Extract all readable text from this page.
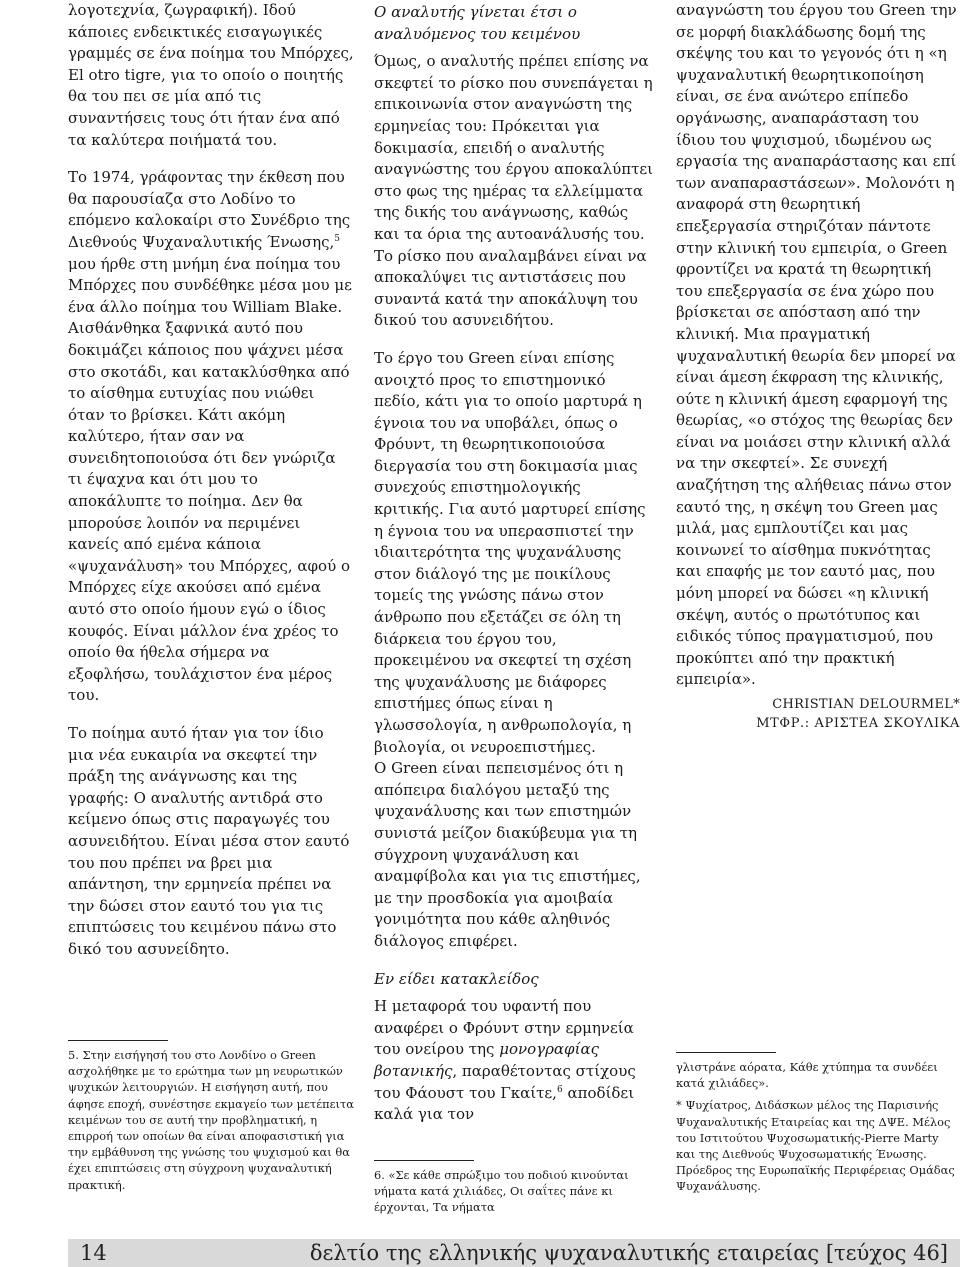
λογοτεχνία, ζωγραφική). Ιδού κάποιες ενδεικτικές εισαγωγικές γραμμές σε ένα ποίημα του Μπόρχες, El otro tigre, για το οποίο ο ποιητής θα του πει σε μία από τις συναντήσεις τους ότι ήταν ένα από τα καλύτερα ποιήματά του.

Το 1974, γράφοντας την έκθεση που θα παρουσίαζα στο Λοδίνο το επόμενο καλοκαίρι στο Συνέδριο της Διεθνούς Ψυχαναλυτικής Ένωσης,$^5$ μου ήρθε στη μνήμη ένα ποίημα του Μπόρχες που συνδέθηκε μέσα μου με ένα άλλο ποίημα του William Blake. Αισθάνθηκα ξαφνικά αυτό που δοκιμάζει κάποιος που ψάχνει μέσα στο σκοτάδι, και κατακλύσθηκα από το αίσθημα ευτυχίας που νιώθει όταν το βρίσκει. Κάτι ακόμη καλύτερο, ήταν σαν να συνειδητοποιούσα ότι δεν γνώριζα τι έψαχνα και ότι μου το αποκάλυπτε το ποίημα. Δεν θα μπορούσε λοιπόν να περιμένει κανείς από εμένα κάποια «ψυχανάλυση» του Μπόρχες, αφού ο Μπόρχες είχε ακούσει από εμένα αυτό στο οποίο ήμουν εγώ ο ίδιος κουφός. Είναι μάλλον ένα χρέος το οποίο θα ήθελα σήμερα να εξοφλήσω, τουλάχιστον ένα μέρος του.

Το ποίημα αυτό ήταν για τον ίδιο μια νέα ευκαιρία να σκεφτεί την πράξη της ανάγνωσης και της γραφής: Ο αναλυτής αντιδρά στο κείμενο όπως στις παραγωγές του ασυνειδήτου. Είναι μέσα στον εαυτό του που πρέπει να βρει μια απάντηση, την ερμηνεία πρέπει να την δώσει στον εαυτό του για τις επιπτώσεις του κειμένου πάνω στο δικό του ασυνείδητο.

5. Στην εισήγησή του στο Λονδίνο ο Green ασχολήθηκε με το ερώτημα των μη νευρωτικών ψυχικών λειτουργιών. Η εισήγηση αυτή, που άφησε εποχή, συνέστησε εκμαγείο των μετέπειτα κειμένων του σε αυτή την προβληματική, η επιρροή των οποίων θα είναι αποφασιστική για την εμβάθυνση της γνώσης του ψυχισμού και θα έχει επιπτώσεις στη σύγχρονη ψυχαναλυτική πρακτική.

Ο αναλυτής γίνεται έτσι ο αναλυόμενος του κειμένου

Όμως, ο αναλυτής πρέπει επίσης να σκεφτεί το ρίσκο που συνεπάγεται η επικοινωνία στον αναγνώστη της ερμηνείας του: Πρόκειται για δοκιμασία, επειδή ο αναλυτής αναγνώστης του έργου αποκαλύπτει στο φως της ημέρας τα ελλείμματα της δικής του ανάγνωσης, καθώς και τα όρια της αυτοανάλυσής του. Το ρίσκο που αναλαμβάνει είναι να αποκαλύψει τις αντιστάσεις που συναντά κατά την αποκάλυψη του δικού του ασυνειδήτου.

Το έργο του Green είναι επίσης ανοιχτό προς το επιστημονικό πεδίο, κάτι για το οποίο μαρτυρά η έγνοια του να υποβάλει, όπως ο Φρόυντ, τη θεωρητικοποιούσα διεργασία του στη δοκιμασία μιας συνεχούς επιστημολογικής κριτικής. Για αυτό μαρτυρεί επίσης η έγνοια του να υπερασπιστεί την ιδιαιτερότητα της ψυχανάλυσης στον διάλογό της με ποικίλους τομείς της γνώσης πάνω στον άνθρωπο που εξετάζει σε όλη τη διάρκεια του έργου του, προκειμένου να σκεφτεί τη σχέση της ψυχανάλυσης με διάφορες επιστήμες όπως είναι η γλωσσολογία, η ανθρωπολογία, η βιολογία, οι νευροεπιστήμες.

Ο Green είναι πεπεισμένος ότι η απόπειρα διαλόγου μεταξύ της ψυχανάλυσης και των επιστημών συνιστά μείζον διακύβευμα για τη σύγχρονη ψυχανάλυση και αναμφίβολα και για τις επιστήμες, με την προσδοκία για αμοιβαία γονιμότητα που κάθε αληθινός διάλογος επιφέρει.

Εν είδει κατακλείδος

Η μεταφορά του υφαντή που αναφέρει ο Φρόυντ στην ερμηνεία του ονείρου της μονογραφίας βοτανικής, παραθέτοντας στίχους του Φάουστ του Γκαίτε,$^6$ αποδίδει καλά για τον

6. «Σε κάθε σπρώξιμο του ποδιού κινούνται νήματα κατά χιλιάδες, Οι σαΐτες πάνε κι έρχονται, Τα νήματα

αναγνώστη του έργου του Green την σε μορφή διακλάδωσης δομή της σκέψης του και το γεγονός ότι η «η ψυχαναλυτική θεωρητικοποίηση είναι, σε ένα ανώτερο επίπεδο οργάνωσης, αναπαράσταση του ίδιου του ψυχισμού, ιδωμένου ως εργασία της αναπαράστασης και επί των αναπαραστάσεων». Μολονότι η αναφορά στη θεωρητική επεξεργασία στηριζόταν πάντοτε στην κλινική του εμπειρία, ο Green φροντίζει να κρατά τη θεωρητική του επεξεργασία σε ένα χώρο που βρίσκεται σε απόσταση από την κλινική. Μια πραγματική ψυχαναλυτική θεωρία δεν μπορεί να είναι άμεση έκφραση της κλινικής, ούτε η κλινική άμεση εφαρμογή της θεωρίας, «ο στόχος της θεωρίας δεν είναι να μοιάσει στην κλινική αλλά να την σκεφτεί». Σε συνεχή αναζήτηση της αλήθειας πάνω στον εαυτό της, η σκέψη του Green μας μιλά, μας εμπλουτίζει και μας κοινωνεί το αίσθημα πυκνότητας και επαφής με τον εαυτό μας, που μόνη μπορεί να δώσει «η κλινική σκέψη, αυτός ο πρωτότυπος και ειδικός τύπος πραγματισμού, που προκύπτει από την πρακτική εμπειρία».

CHRISTIAN DELOURMEL*

ΜΤΦΡ.: ΑΡΙΣΤΕΑ ΣΚΟΥΛΙΚΑ

γλιστράνε αόρατα, Κάθε χτύπημα τα συνδέει κατά χιλιάδες».

* Ψυχίατρος, Διδάσκων μέλος της Παρισινής Ψυχαναλυτικής Εταιρείας και της ΔΨΕ. Μέλος του Ιστιτούτου Ψυχοσωματικής-Pierre Marty και της Διεθνούς Ψυχοσωματικής Ένωσης. Πρόεδρος της Ευρωπαϊκής Περιφέρειας Ομάδας Ψυχανάλυσης.

14	δελτίο της ελληνικής ψυχαναλυτικής εταιρείας [τεύχος 46]
